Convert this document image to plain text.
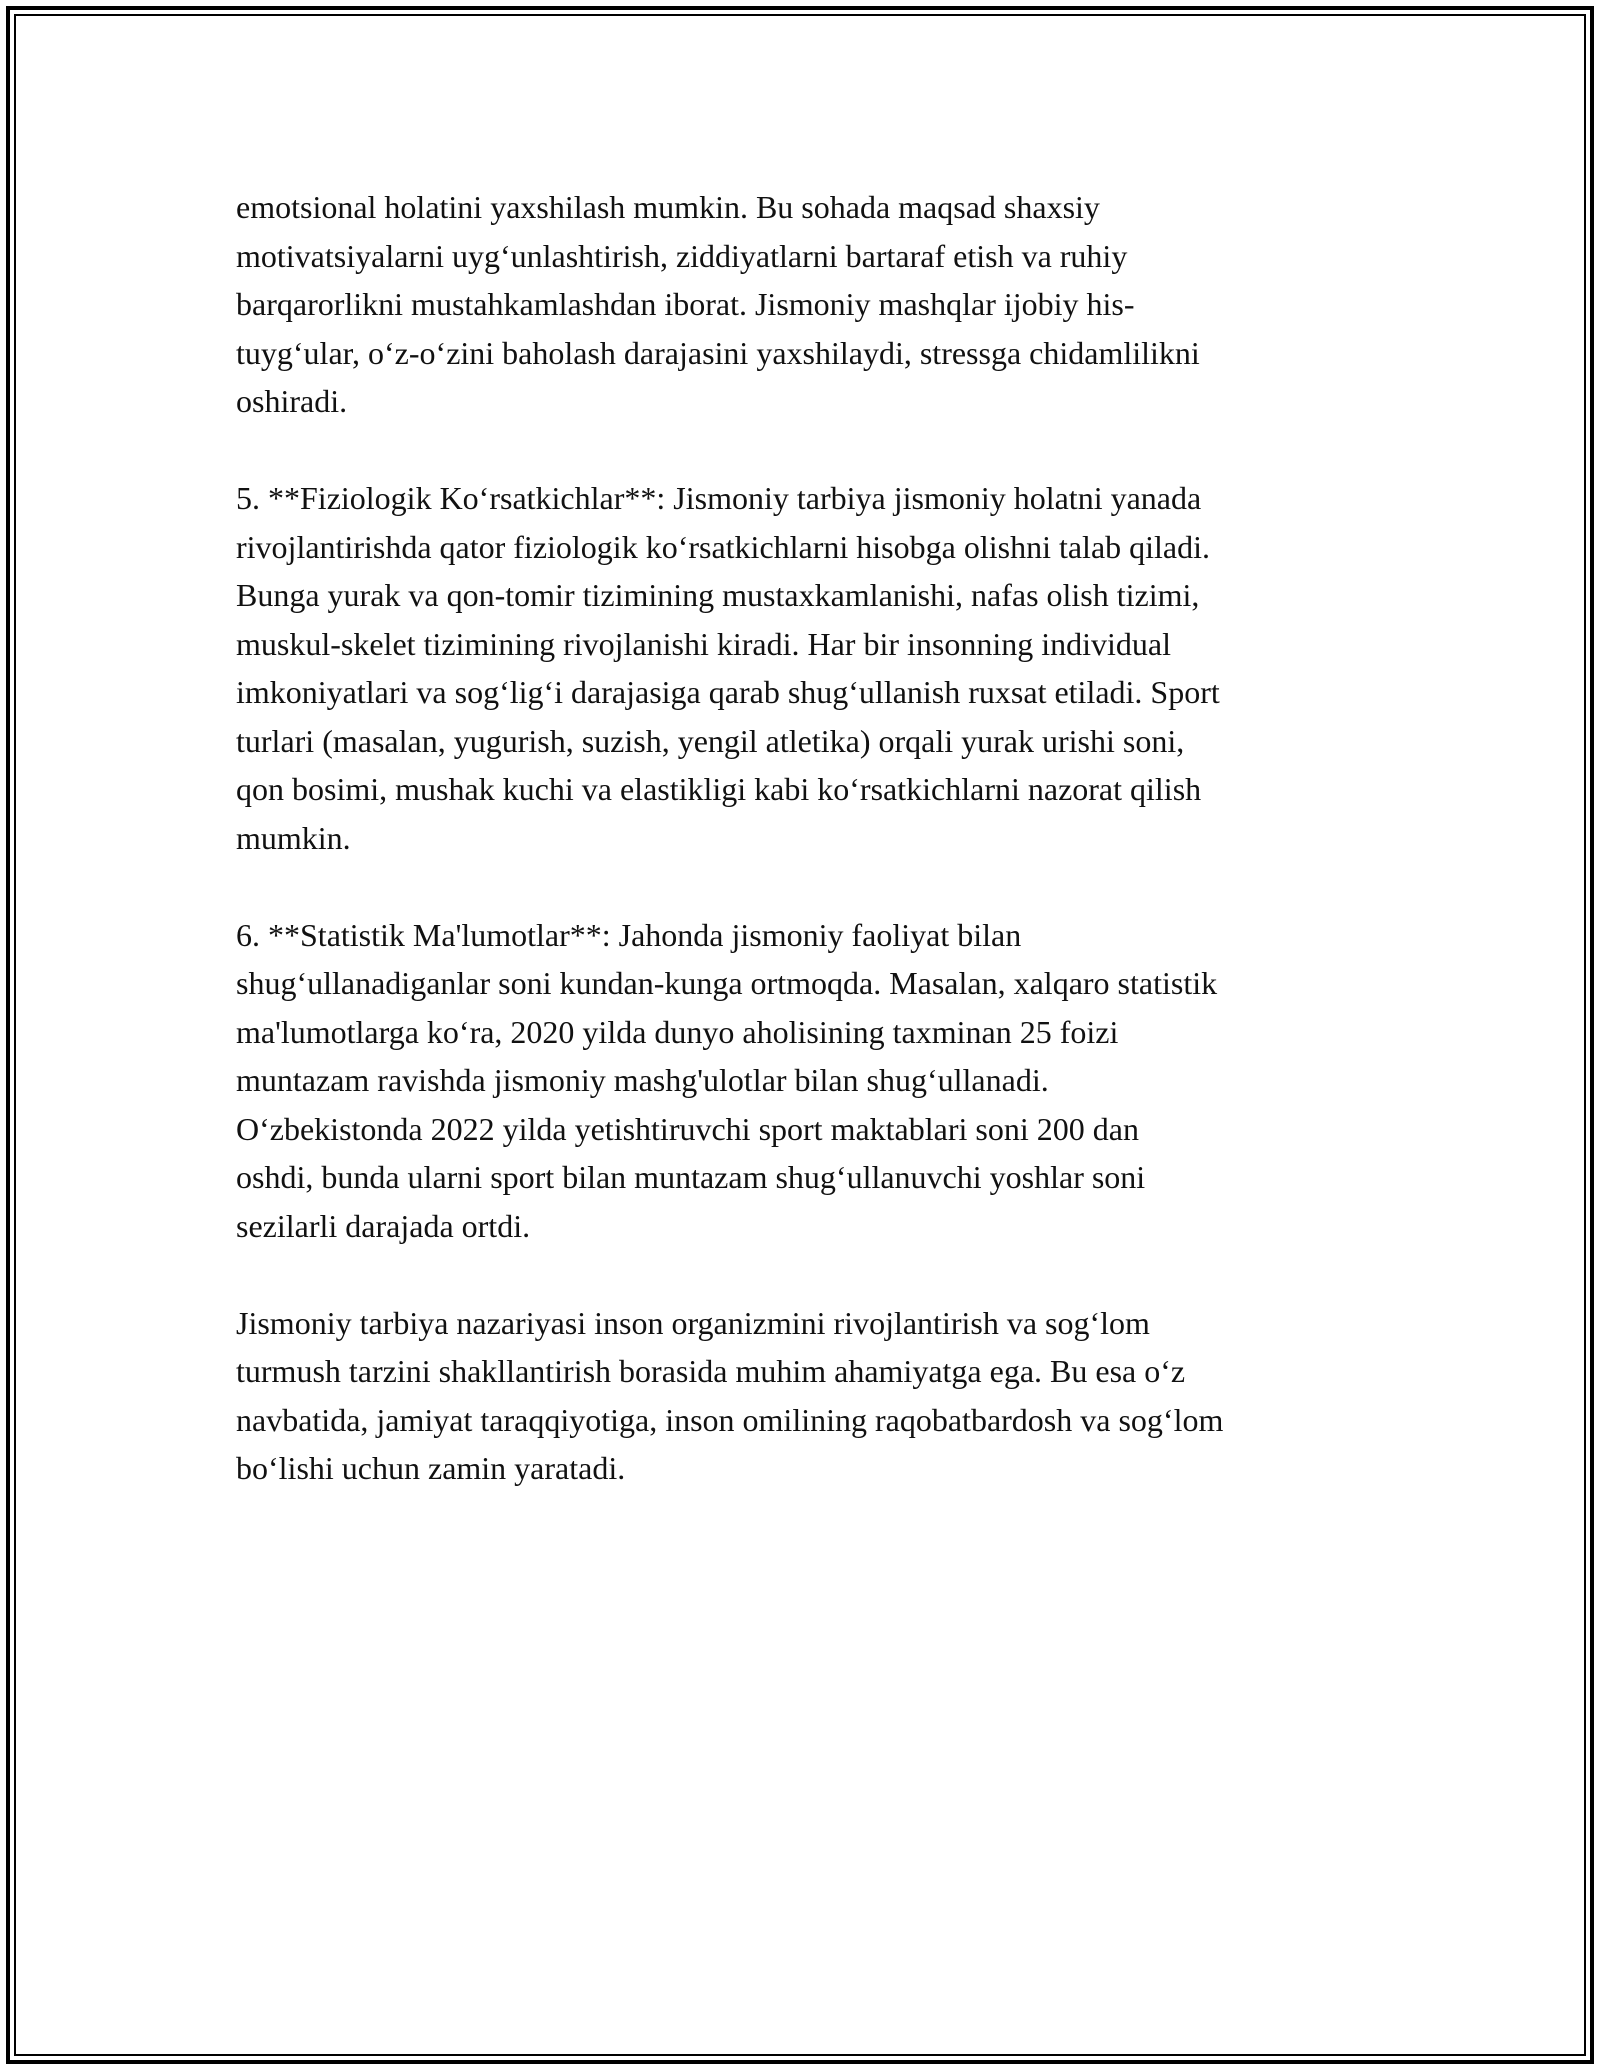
emotsional holatini yaxshilash mumkin. Bu sohada maqsad shaxsiy
motivatsiyalarni uyg‘unlashtirish, ziddiyatlarni bartaraf etish va ruhiy
barqarorlikni mustahkamlashdan iborat. Jismoniy mashqlar ijobiy his-
tuyg‘ular, o‘z-o‘zini baholash darajasini yaxshilaydi, stressga chidamlilikni
oshiradi.

5. **Fiziologik Ko‘rsatkichlar**: Jismoniy tarbiya jismoniy holatni yanada
rivojlantirishda qator fiziologik ko‘rsatkichlarni hisobga olishni talab qiladi.
Bunga yurak va qon-tomir tizimining mustaxkamlanishi, nafas olish tizimi,
muskul-skelet tizimining rivojlanishi kiradi. Har bir insonning individual
imkoniyatlari va sog‘lig‘i darajasiga qarab shug‘ullanish ruxsat etiladi. Sport
turlari (masalan, yugurish, suzish, yengil atletika) orqali yurak urishi soni,
qon bosimi, mushak kuchi va elastikligi kabi ko‘rsatkichlarni nazorat qilish
mumkin.

6. **Statistik Ma'lumotlar**: Jahonda jismoniy faoliyat bilan
shug‘ullanadiganlar soni kundan-kunga ortmoqda. Masalan, xalqaro statistik
ma'lumotlarga ko‘ra, 2020 yilda dunyo aholisining taxminan 25 foizi
muntazam ravishda jismoniy mashg'ulotlar bilan shug‘ullanadi.
O‘zbekistonda 2022 yilda yetishtiruvchi sport maktablari soni 200 dan
oshdi, bunda ularni sport bilan muntazam shug‘ullanuvchi yoshlar soni
sezilarli darajada ortdi.

Jismoniy tarbiya nazariyasi inson organizmini rivojlantirish va sog‘lom
turmush tarzini shakllantirish borasida muhim ahamiyatga ega. Bu esa o‘z
navbatida, jamiyat taraqqiyotiga, inson omilining raqobatbardosh va sog‘lom
bo‘lishi uchun zamin yaratadi.
